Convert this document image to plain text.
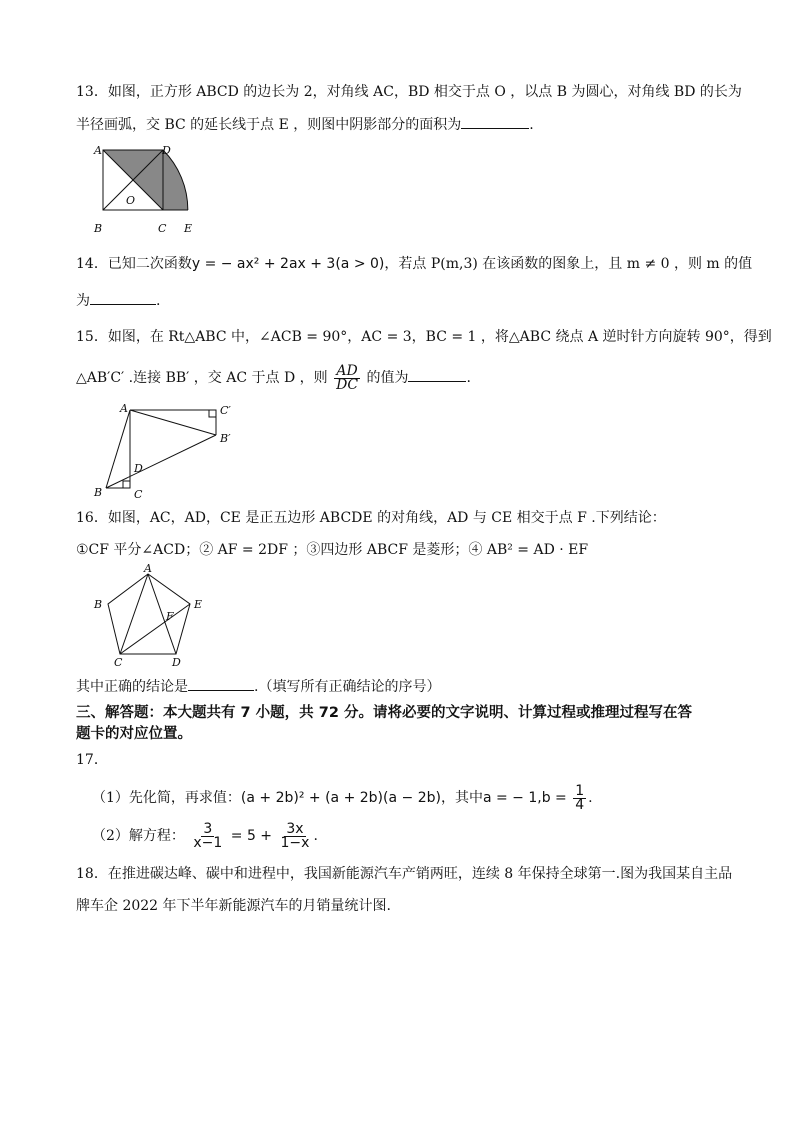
13．如图，正方形 ABCD 的边长为 2，对角线 AC，BD 相交于点 O ，以点 B 为圆心，对角线 BD 的长为
半径画弧，交 BC 的延长线于点 E ，则图中阴影部分的面积为	.
A	D
O
B	C E
14．已知二次函数y = − ax² + 2ax + 3(a > 0)，若点 P(m,3) 在该函数的图象上，且 m ≠ 0 ，则 m 的值
为	.
15．如图，在 Rt△ABC 中，∠ACB = 90°，AC = 3，BC = 1 ，将△ABC 绕点 A 逆时针方向旋转 90°，得到
△AB′C′ .连接 BB′ ，交 AC 于点 D ，则 $\frac{AD}{DC}$ 的值为	.
A	C′
B′
D
B	C
16．如图，AC，AD，CE 是正五边形 ABCDE 的对角线，AD 与 CE 相交于点 F .下列结论：
①CF 平分∠ACD；② AF = 2DF ；③四边形 ABCF 是菱形；④ AB² = AD · EF
A
B	E
F
C	D
其中正确的结论是	.（填写所有正确结论的序号）
三、解答题：本大题共有 7 小题，共 72 分。请将必要的文字说明、计算过程或推理过程写在答
题卡的对应位置。
17．
（1）先化简，再求值：(a + 2b)² + (a + 2b)(a − 2b)，其中a = − $1,b = \frac{1}{4}$ .
（2）解方程： $\frac{3}{x-1} = 5 + \frac{3x}{1-x}$ .
18．在推进碳达峰、碳中和进程中，我国新能源汽车产销两旺，连续 8 年保持全球第一.图为我国某自主品
牌车企 2022 年下半年新能源汽车的月销量统计图.
